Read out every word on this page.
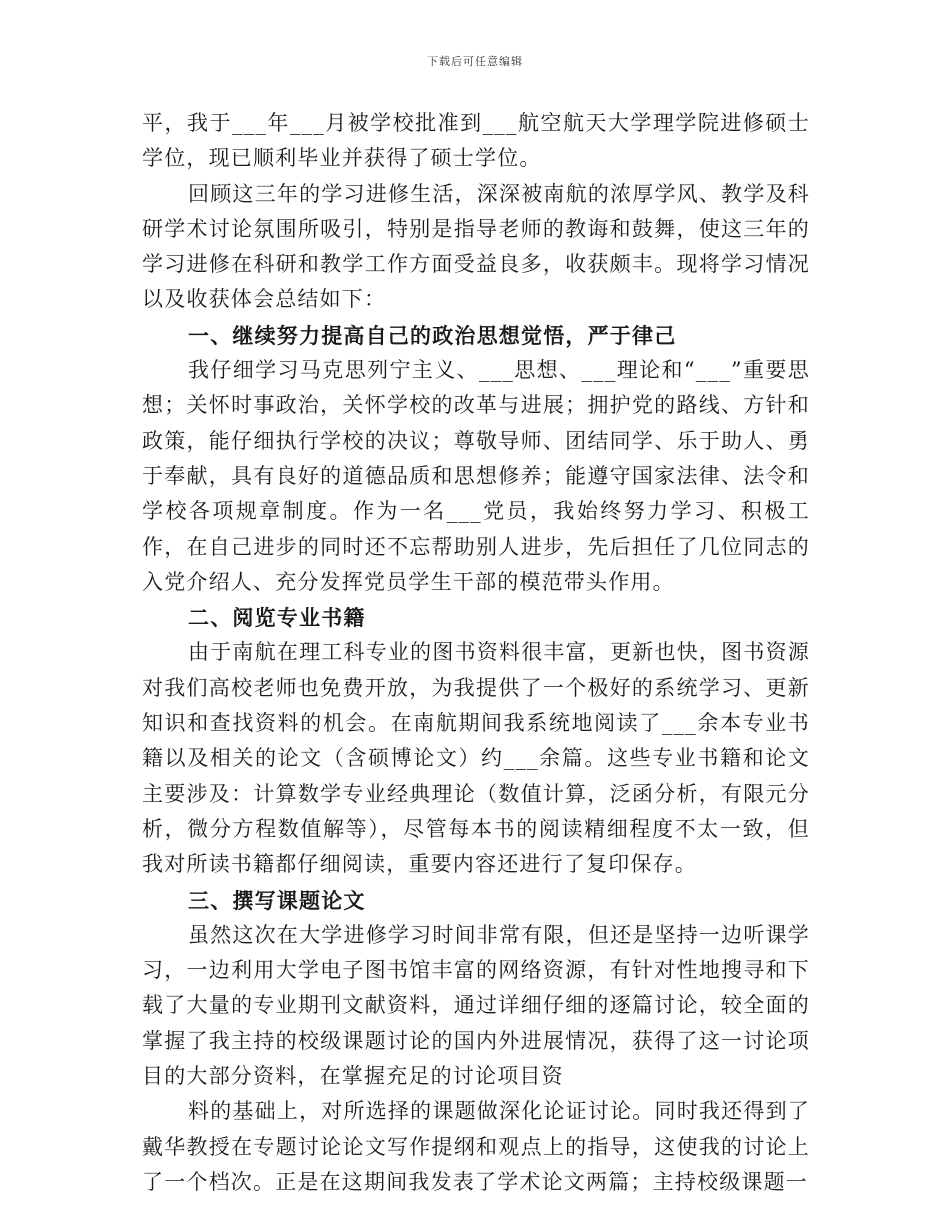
下载后可任意编辑

平，我于___年___月被学校批准到___航空航天大学理学院进修硕士学位，现已顺利毕业并获得了硕士学位。

回顾这三年的学习进修生活，深深被南航的浓厚学风、教学及科研学术讨论氛围所吸引，特别是指导老师的教诲和鼓舞，使这三年的学习进修在科研和教学工作方面受益良多，收获颇丰。现将学习情况以及收获体会总结如下：

一、继续努力提高自己的政治思想觉悟，严于律己

我仔细学习马克思列宁主义、___思想、___理论和“___”重要思想；关怀时事政治，关怀学校的改革与进展；拥护党的路线、方针和政策，能仔细执行学校的决议；尊敬导师、团结同学、乐于助人、勇于奉献，具有良好的道德品质和思想修养；能遵守国家法律、法令和学校各项规章制度。作为一名___党员，我始终努力学习、积极工作，在自己进步的同时还不忘帮助别人进步，先后担任了几位同志的入党介绍人、充分发挥党员学生干部的模范带头作用。

二、阅览专业书籍

由于南航在理工科专业的图书资料很丰富，更新也快，图书资源对我们高校老师也免费开放，为我提供了一个极好的系统学习、更新知识和查找资料的机会。在南航期间我系统地阅读了___余本专业书籍以及相关的论文（含硕博论文）约___余篇。这些专业书籍和论文主要涉及：计算数学专业经典理论（数值计算，泛函分析，有限元分析，微分方程数值解等），尽管每本书的阅读精细程度不太一致，但我对所读书籍都仔细阅读，重要内容还进行了复印保存。

三、撰写课题论文

虽然这次在大学进修学习时间非常有限，但还是坚持一边听课学习，一边利用大学电子图书馆丰富的网络资源，有针对性地搜寻和下载了大量的专业期刊文献资料，通过详细仔细的逐篇讨论，较全面的掌握了我主持的校级课题讨论的国内外进展情况，获得了这一讨论项目的大部分资料，在掌握充足的讨论项目资

料的基础上，对所选择的课题做深化论证讨论。同时我还得到了戴华教授在专题讨论论文写作提纲和观点上的指导，这使我的讨论上了一个档次。正是在这期间我发表了学术论文两篇；主持校级课题一
